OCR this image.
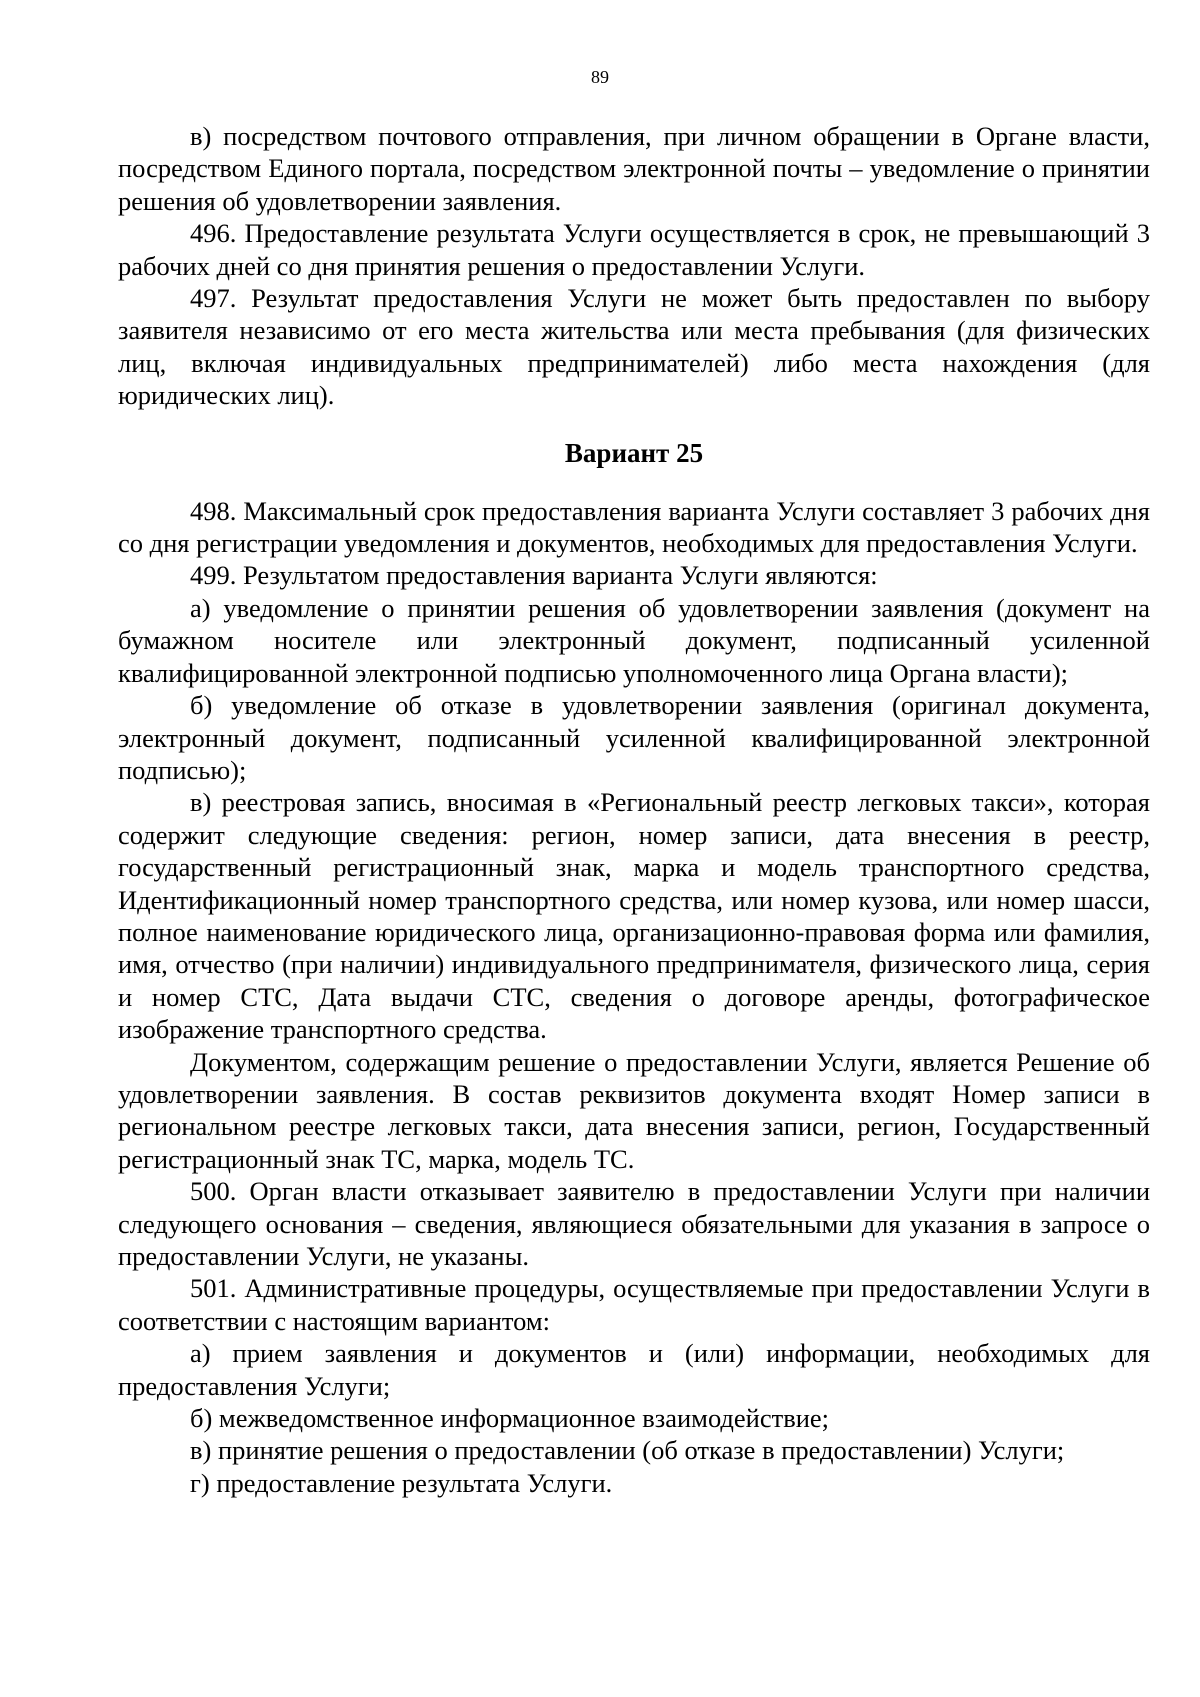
89

в) посредством почтового отправления, при личном обращении в Органе власти, посредством Единого портала, посредством электронной почты – уведомление о принятии решения об удовлетворении заявления.

496. Предоставление результата Услуги осуществляется в срок, не превышающий 3 рабочих дней со дня принятия решения о предоставлении Услуги.

497. Результат предоставления Услуги не может быть предоставлен по выбору заявителя независимо от его места жительства или места пребывания (для физических лиц, включая индивидуальных предпринимателей) либо места нахождения (для юридических лиц).

Вариант 25

498. Максимальный срок предоставления варианта Услуги составляет 3 рабочих дня со дня регистрации уведомления и документов, необходимых для предоставления Услуги.

499. Результатом предоставления варианта Услуги являются:

а) уведомление о принятии решения об удовлетворении заявления (документ на бумажном носителе или электронный документ, подписанный усиленной квалифицированной электронной подписью уполномоченного лица Органа власти);

б) уведомление об отказе в удовлетворении заявления (оригинал документа, электронный документ, подписанный усиленной квалифицированной электронной подписью);

в) реестровая запись, вносимая в «Региональный реестр легковых такси», которая содержит следующие сведения: регион, номер записи, дата внесения в реестр, государственный регистрационный знак, марка и модель транспортного средства, Идентификационный номер транспортного средства, или номер кузова, или номер шасси, полное наименование юридического лица, организационно-правовая форма или фамилия, имя, отчество (при наличии) индивидуального предпринимателя, физического лица, серия и номер СТС, Дата выдачи СТС, сведения о договоре аренды, фотографическое изображение транспортного средства.

Документом, содержащим решение о предоставлении Услуги, является Решение об удовлетворении заявления. В состав реквизитов документа входят Номер записи в региональном реестре легковых такси, дата внесения записи, регион, Государственный регистрационный знак ТС, марка, модель ТС.

500. Орган власти отказывает заявителю в предоставлении Услуги при наличии следующего основания – сведения, являющиеся обязательными для указания в запросе о предоставлении Услуги, не указаны.

501. Административные процедуры, осуществляемые при предоставлении Услуги в соответствии с настоящим вариантом:

а) прием заявления и документов и (или) информации, необходимых для предоставления Услуги;

б) межведомственное информационное взаимодействие;

в) принятие решения о предоставлении (об отказе в предоставлении) Услуги;

г) предоставление результата Услуги.
